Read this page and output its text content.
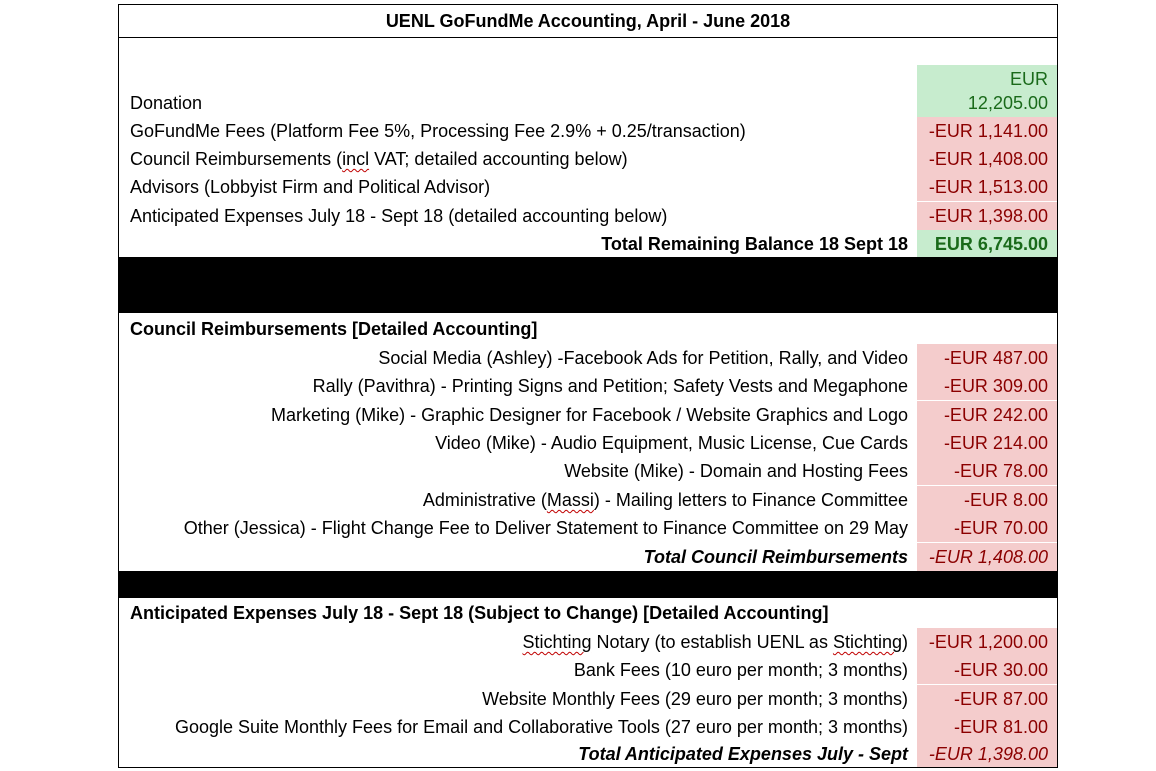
UENL GoFundMe Accounting, April - June 2018
EUR
Donation	12,205.00
GoFundMe Fees (Platform Fee 5%, Processing Fee 2.9% + 0.25/transaction)	-EUR 1,141.00
Council Reimbursements (incl VAT; detailed accounting below)	-EUR 1,408.00
Advisors (Lobbyist Firm and Political Advisor)	-EUR 1,513.00
Anticipated Expenses July 18 - Sept 18 (detailed accounting below)	-EUR 1,398.00
Total Remaining Balance 18 Sept 18	EUR 6,745.00
Council Reimbursements [Detailed Accounting]
Social Media (Ashley) -Facebook Ads for Petition, Rally, and Video	-EUR 487.00
Rally (Pavithra) - Printing Signs and Petition; Safety Vests and Megaphone	-EUR 309.00
Marketing (Mike) - Graphic Designer for Facebook / Website Graphics and Logo	-EUR 242.00
Video (Mike) - Audio Equipment, Music License, Cue Cards	-EUR 214.00
Website (Mike) - Domain and Hosting Fees	-EUR 78.00
Administrative (Massi) - Mailing letters to Finance Committee	-EUR 8.00
Other (Jessica) - Flight Change Fee to Deliver Statement to Finance Committee on 29 May	-EUR 70.00
Total Council Reimbursements	-EUR 1,408.00
Anticipated Expenses July 18 - Sept 18 (Subject to Change) [Detailed Accounting]
Stichting Notary (to establish UENL as Stichting)	-EUR 1,200.00
Bank Fees (10 euro per month; 3 months)	-EUR 30.00
Website Monthly Fees (29 euro per month; 3 months)	-EUR 87.00
Google Suite Monthly Fees for Email and Collaborative Tools (27 euro per month; 3 months)	-EUR 81.00
Total Anticipated Expenses July - Sept	-EUR 1,398.00
